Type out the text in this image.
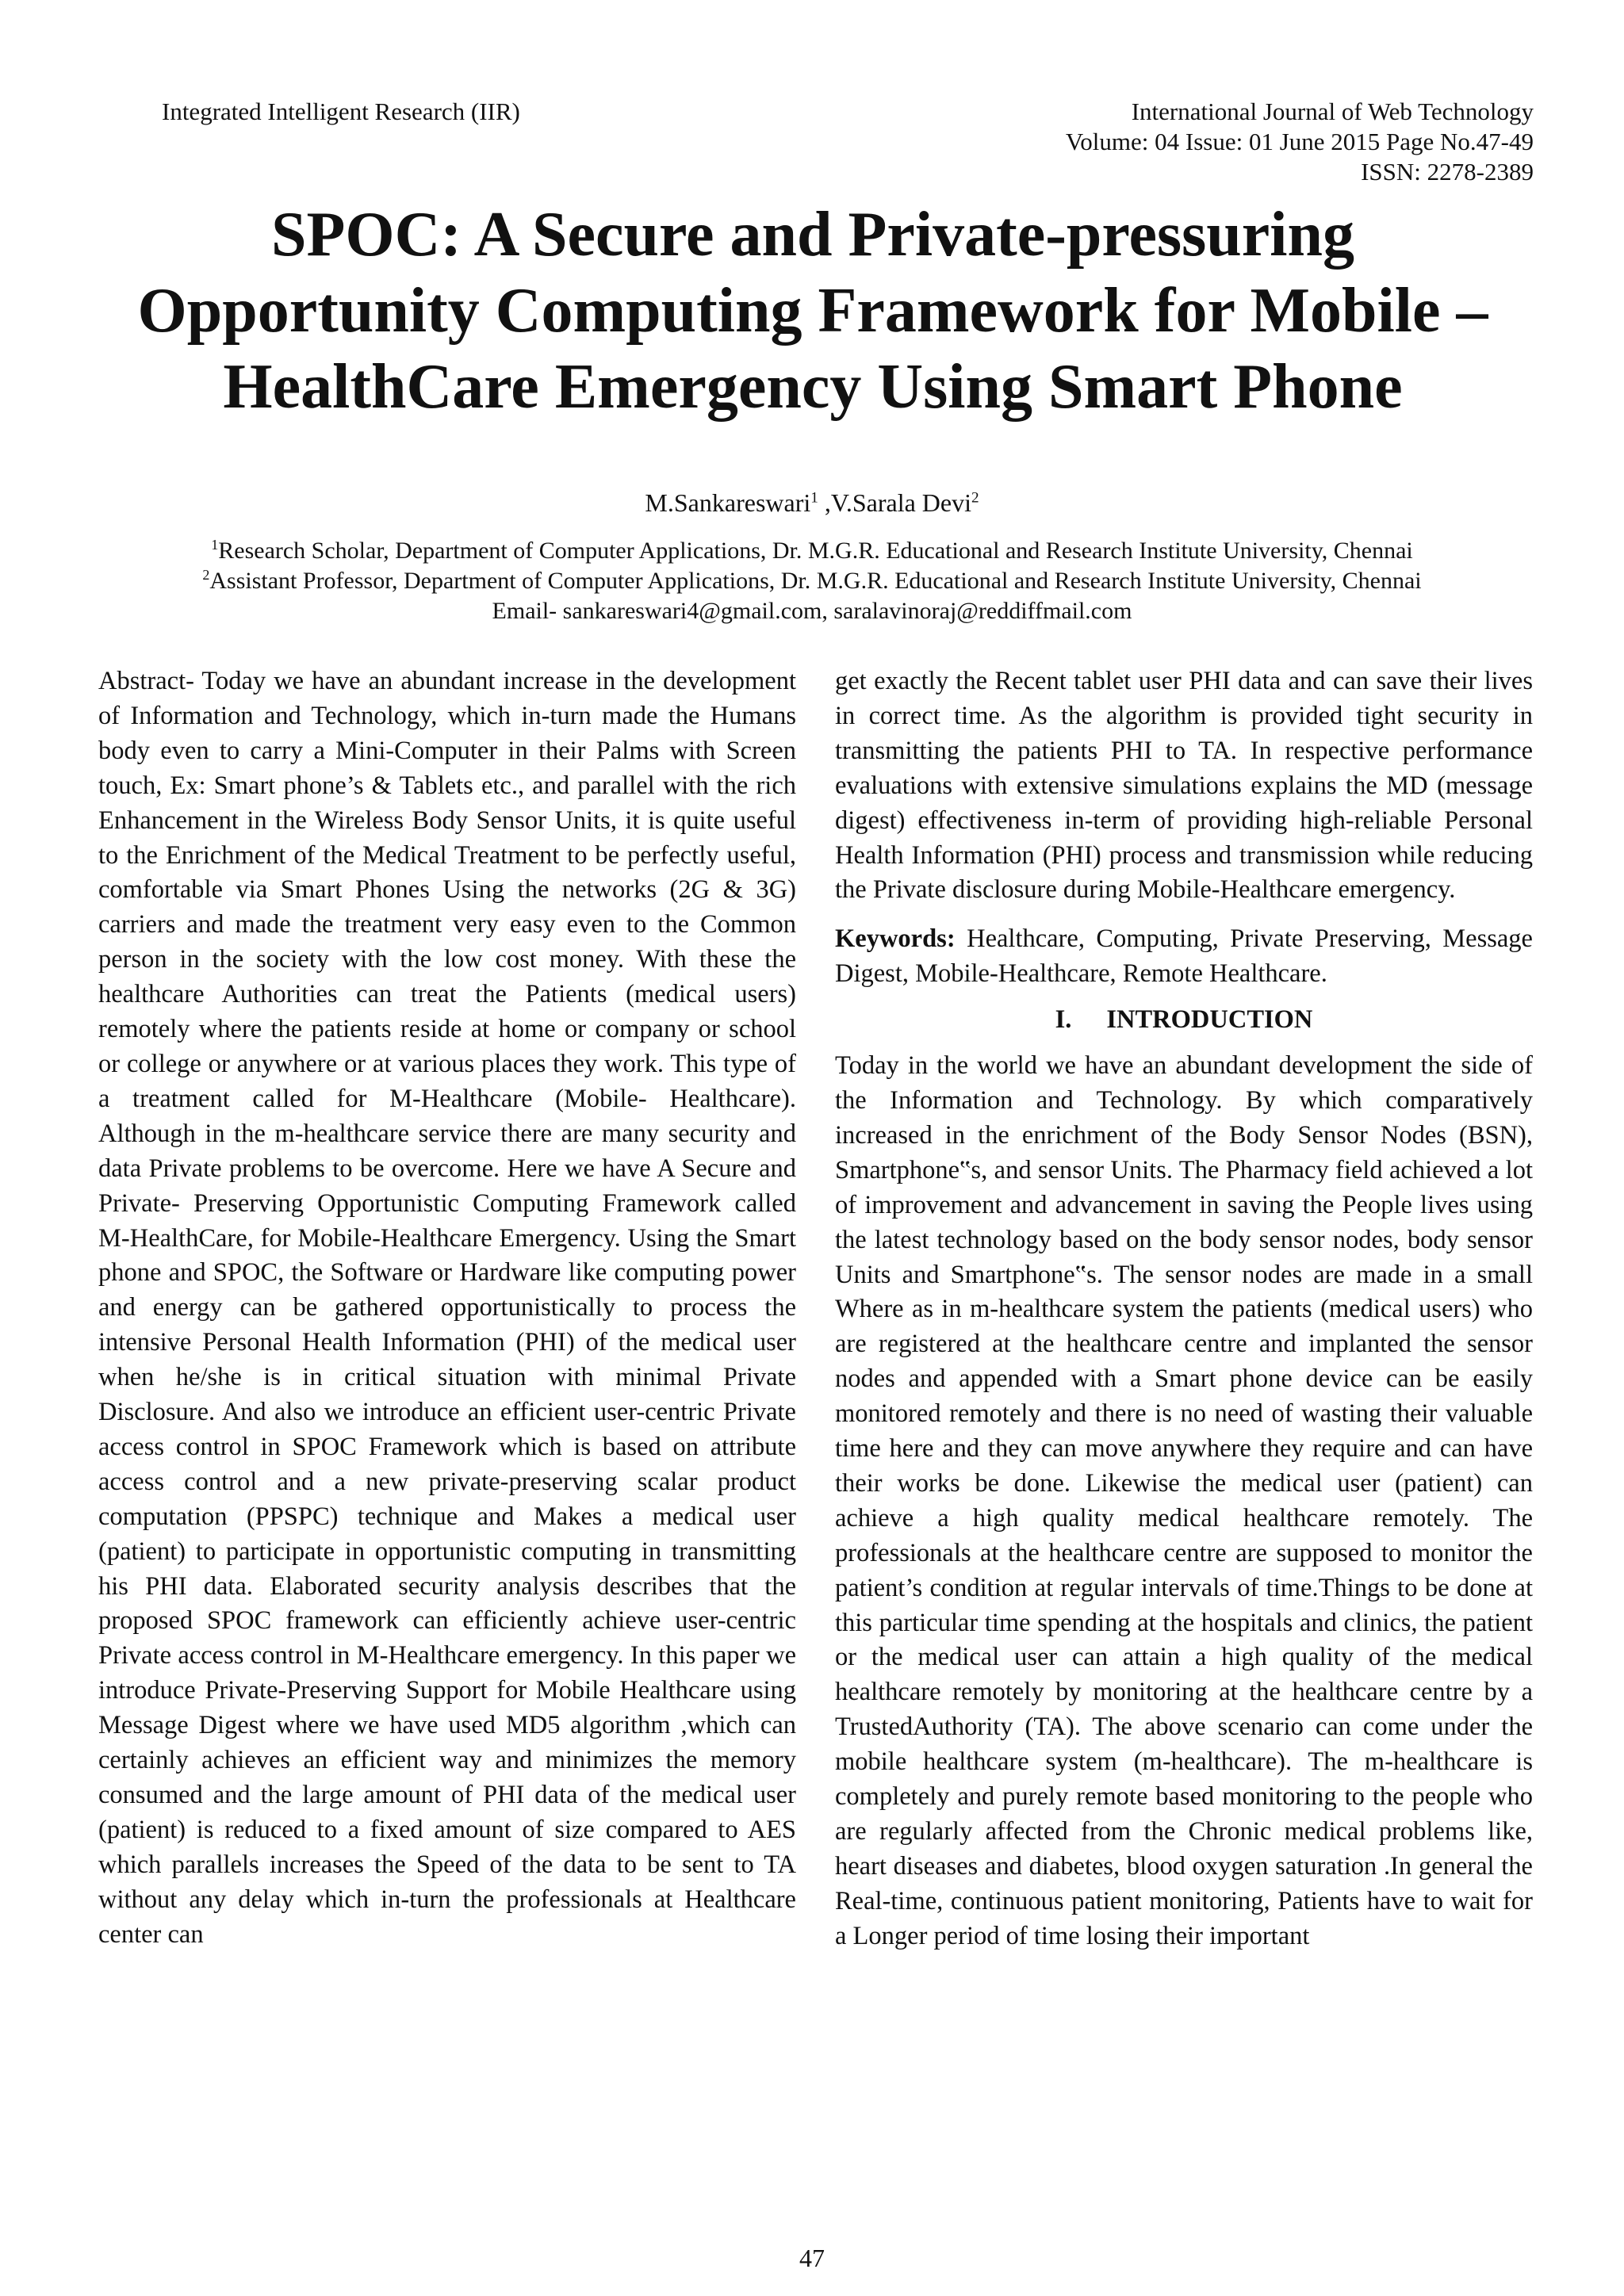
Integrated Intelligent Research (IIR)	International Journal of Web Technology
Volume: 04 Issue: 01 June 2015 Page No.47-49
ISSN: 2278-2389
SPOC: A Secure and Private-pressuring
Opportunity Computing Framework for Mobile –
HealthCare Emergency Using Smart Phone
M.Sankareswari$^1$ ,V.Sarala Devi$^2$
$^1$Research Scholar, Department of Computer Applications, Dr. M.G.R. Educational and Research Institute University, Chennai
$^2$Assistant Professor, Department of Computer Applications, Dr. M.G.R. Educational and Research Institute University, Chennai
Email- sankareswari4@gmail.com, saralavinoraj@reddiffmail.com

Abstract- Today we have an abundant increase in the development of Information and Technology, which in-turn made the Humans body even to carry a Mini-Computer in their Palms with Screen touch, Ex: Smart phone’s & Tablets etc., and parallel with the rich Enhancement in the Wireless Body Sensor Units, it is quite useful to the Enrichment of the Medical Treatment to be perfectly useful, comfortable via Smart Phones Using the networks (2G & 3G) carriers and made the treatment very easy even to the Common person in the society with the low cost money. With these the healthcare Authorities can treat the Patients (medical users) remotely where the patients reside at home or company or school or college or anywhere or at various places they work. This type of a treatment called for M-Healthcare (Mobile- Healthcare). Although in the m-healthcare service there are many security and data Private problems to be overcome. Here we have A Secure and Private- Preserving Opportunistic Computing Framework called M-HealthCare, for Mobile-Healthcare Emergency. Using the Smart phone and SPOC, the Software or Hardware like computing power and energy can be gathered opportunistically to process the intensive Personal Health Information (PHI) of the medical user when he/she is in critical situation with minimal Private Disclosure. And also we introduce an efficient user-centric Private access control in SPOC Framework which is based on attribute access control and a new private-preserving scalar product computation (PPSPC) technique and Makes a medical user (patient) to participate in opportunistic computing in transmitting his PHI data. Elaborated security analysis describes that the proposed SPOC framework can efficiently achieve user-centric Private access control in M-Healthcare emergency. In this paper we introduce Private-Preserving Support for Mobile Healthcare using Message Digest where we have used MD5 algorithm ,which can certainly achieves an efficient way and minimizes the memory consumed and the large amount of PHI data of the medical user (patient) is reduced to a fixed amount of size compared to AES which parallels increases the Speed of the data to be sent to TA without any delay which in-turn the professionals at Healthcare center can

get exactly the Recent tablet user PHI data and can save their lives in correct time. As the algorithm is provided tight security in transmitting the patients PHI to TA. In respective performance evaluations with extensive simulations explains the MD (message digest) effectiveness in-term of providing high-reliable Personal Health Information (PHI) process and transmission while reducing the Private disclosure during Mobile-Healthcare emergency.

Keywords: Healthcare, Computing, Private Preserving, Message Digest, Mobile-Healthcare, Remote Healthcare.

I. INTRODUCTION

Today in the world we have an abundant development the side of the Information and Technology. By which comparatively increased in the enrichment of the Body Sensor Nodes (BSN), Smartphone‟s, and sensor Units. The Pharmacy field achieved a lot of improvement and advancement in saving the People lives using the latest technology based on the body sensor nodes, body sensor Units and Smartphone‟s. The sensor nodes are made in a small Where as in m-healthcare system the patients (medical users) who are registered at the healthcare centre and implanted the sensor nodes and appended with a Smart phone device can be easily monitored remotely and there is no need of wasting their valuable time here and they can move anywhere they require and can have their works be done. Likewise the medical user (patient) can achieve a high quality medical healthcare remotely. The professionals at the healthcare centre are supposed to monitor the patient’s condition at regular intervals of time.Things to be done at this particular time spending at the hospitals and clinics, the patient or the medical user can attain a high quality of the medical healthcare remotely by monitoring at the healthcare centre by a TrustedAuthority (TA). The above scenario can come under the mobile healthcare system (m-healthcare). The m-healthcare is completely and purely remote based monitoring to the people who are regularly affected from the Chronic medical problems like, heart diseases and diabetes, blood oxygen saturation .In general the Real-time, continuous patient monitoring, Patients have to wait for a Longer period of time losing their important

47
